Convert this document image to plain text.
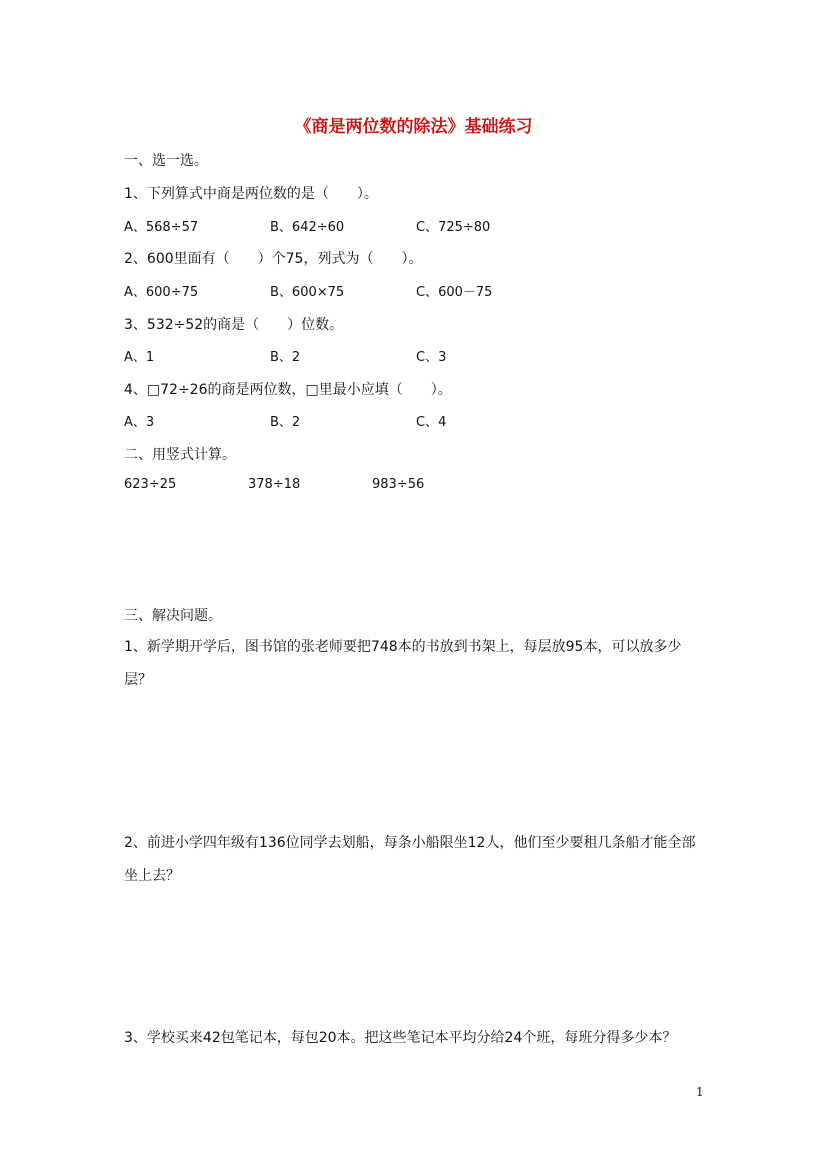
《商是两位数的除法》基础练习
一、选一选。
1、下列算式中商是两位数的是（　　）。
A、568÷57	B、642÷60	C、725÷80
2、600里面有（　　）个75，列式为（　　）。
A、600÷75	B、600×75	C、600－75
3、532÷52的商是（　　）位数。
A、1	B、2	C、3
4、□72÷26的商是两位数，□里最小应填（　　）。
A、3	B、2	C、4
二、用竖式计算。
623÷25	378÷18	983÷56
三、解决问题。
1、新学期开学后，图书馆的张老师要把748本的书放到书架上，每层放95本，可以放多少层？
2、前进小学四年级有136位同学去划船，每条小船限坐12人，他们至少要租几条船才能全部坐上去？
3、学校买来42包笔记本，每包20本。把这些笔记本平均分给24个班，每班分得多少本？
1
